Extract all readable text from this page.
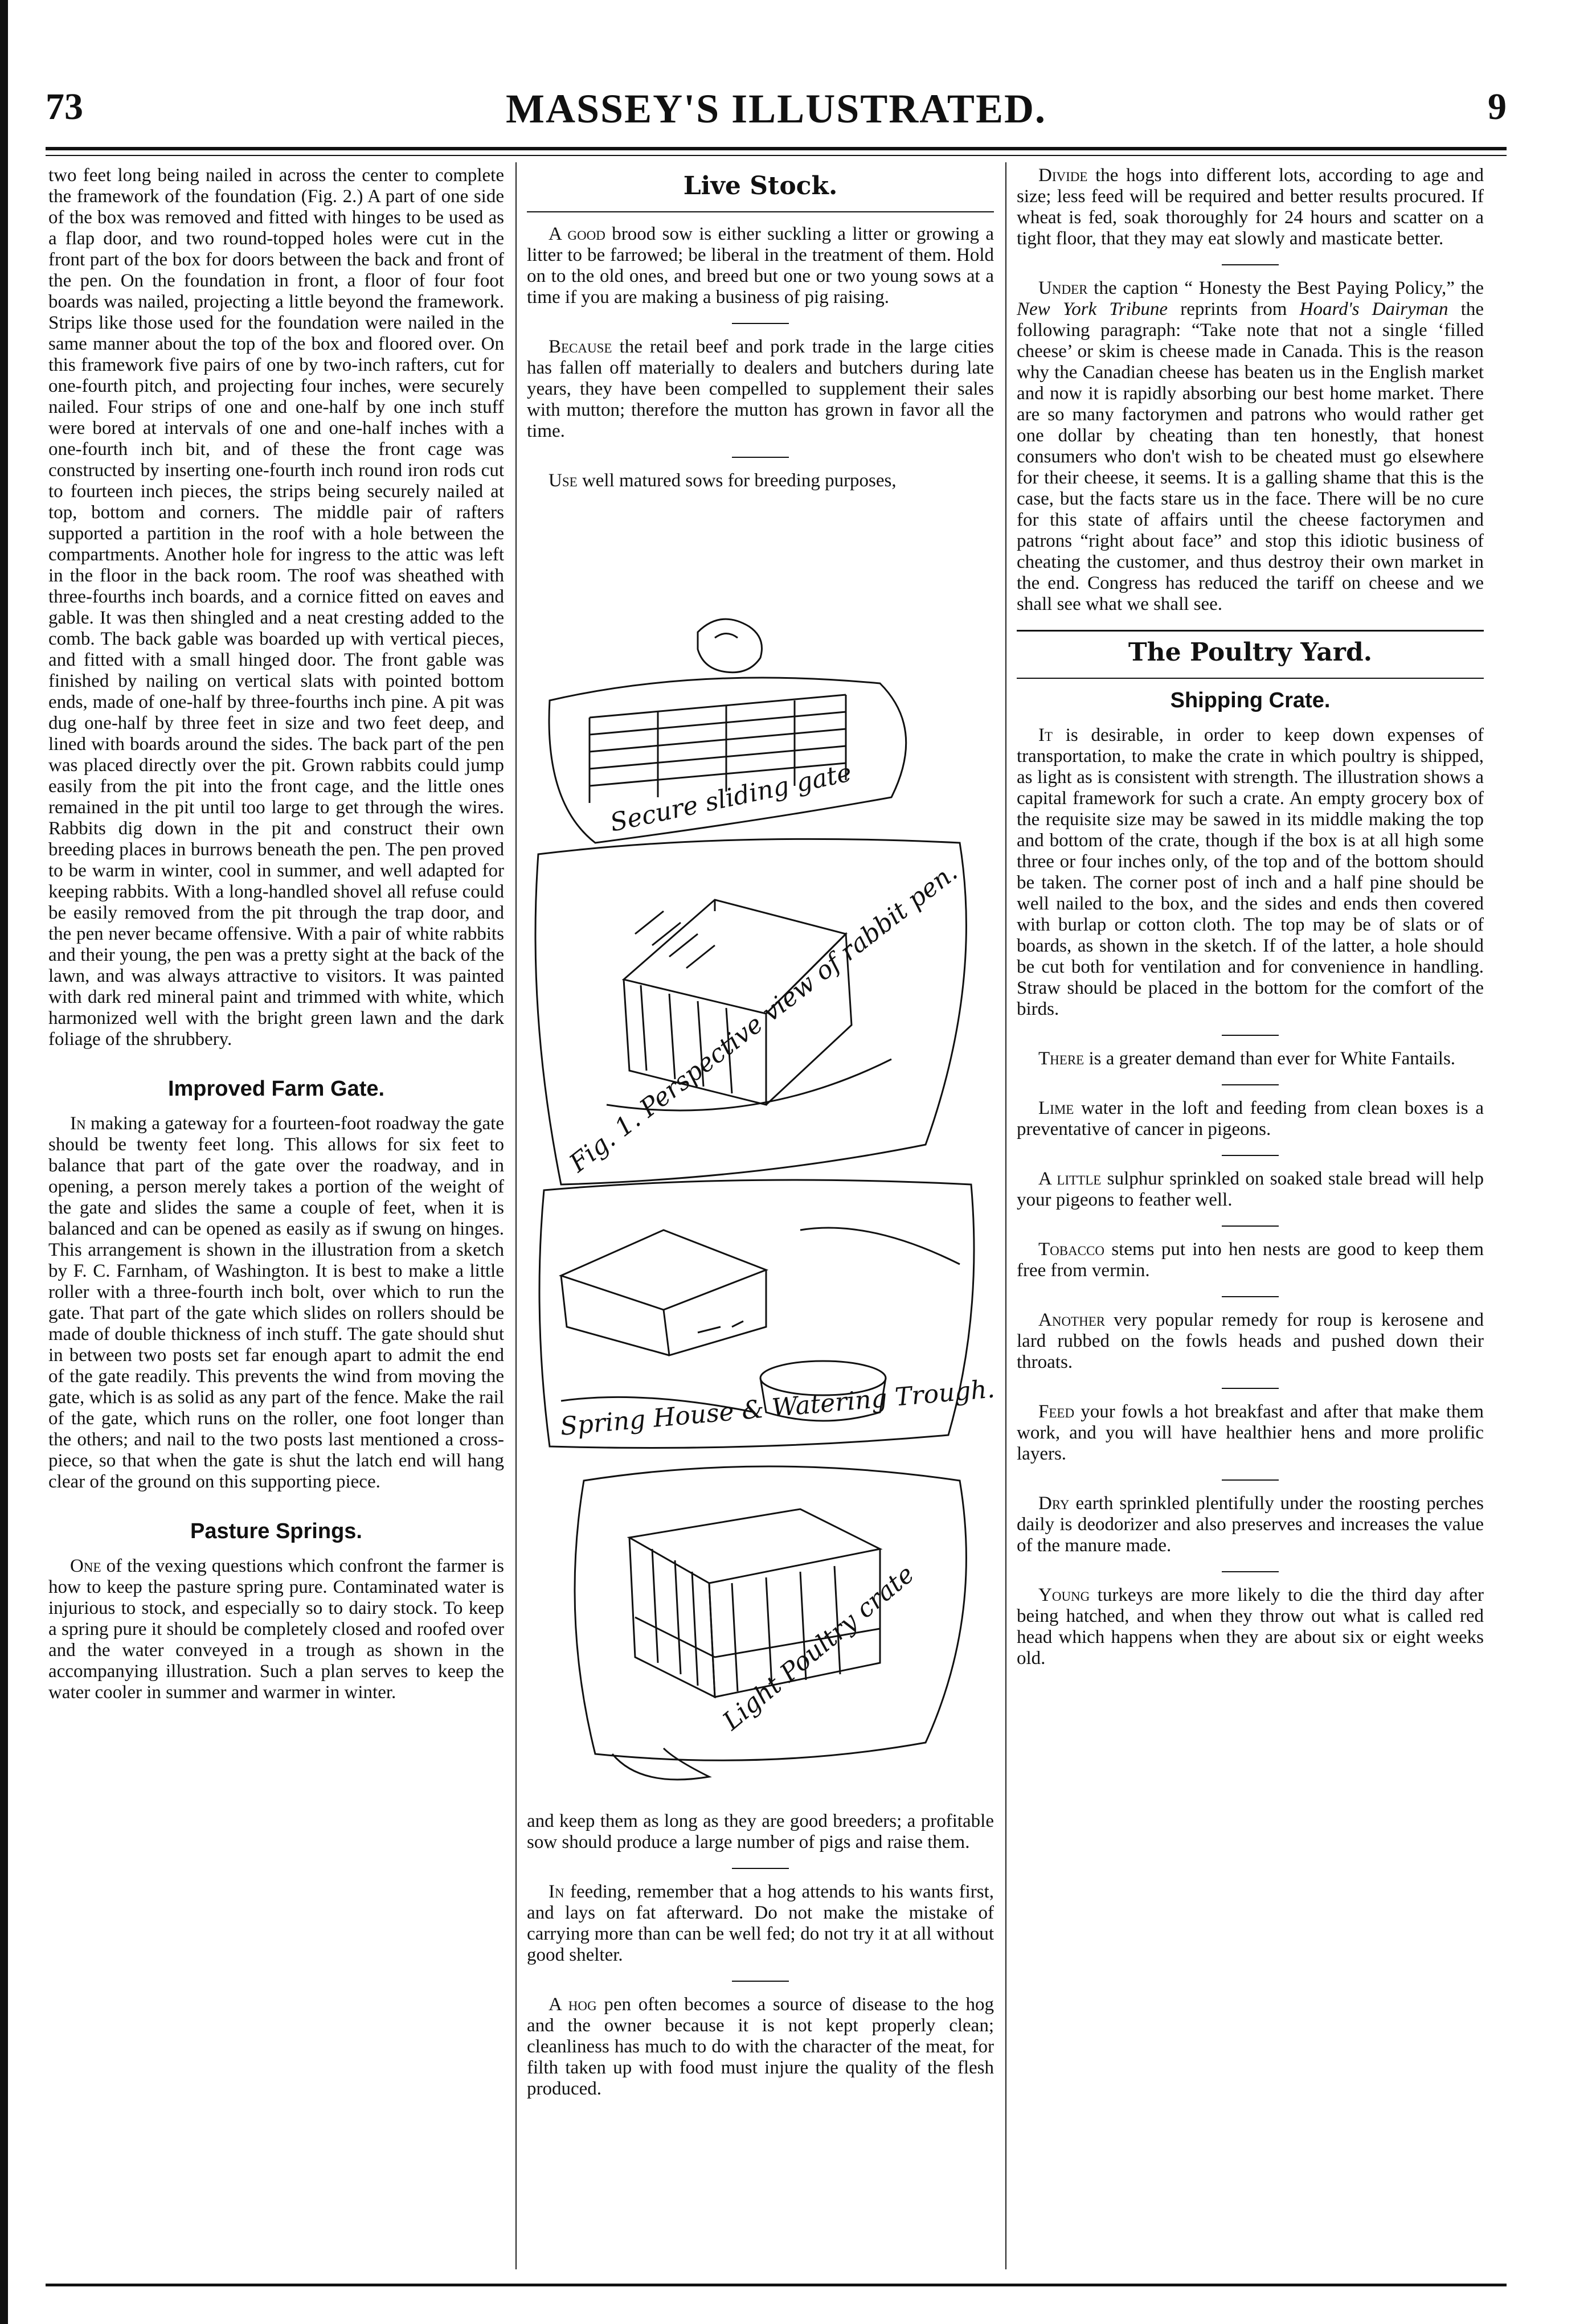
73	MASSEY'S ILLUSTRATED.	9

two feet long being nailed in across the center to complete the framework of the foundation (Fig. 2.) A part of one side of the box was removed and fitted with hinges to be used as a flap door, and two round-topped holes were cut in the front part of the box for doors between the back and front of the pen. On the foundation in front, a floor of four foot boards was nailed, projecting a little beyond the framework. Strips like those used for the foundation were nailed in the same manner about the top of the box and floored over. On this framework five pairs of one by two-inch rafters, cut for one-fourth pitch, and projecting four inches, were securely nailed. Four strips of one and one-half by one inch stuff were bored at intervals of one and one-half inches with a one-fourth inch bit, and of these the front cage was constructed by inserting one-fourth inch round iron rods cut to fourteen inch pieces, the strips being securely nailed at top, bottom and corners. The middle pair of rafters supported a partition in the roof with a hole between the compartments. Another hole for ingress to the attic was left in the floor in the back room. The roof was sheathed with three-fourths inch boards, and a cornice fitted on eaves and gable. It was then shingled and a neat cresting added to the comb. The back gable was boarded up with vertical pieces, and fitted with a small hinged door. The front gable was finished by nailing on vertical slats with pointed bottom ends, made of one-half by three-fourths inch pine. A pit was dug one-half by three feet in size and two feet deep, and lined with boards around the sides. The back part of the pen was placed directly over the pit. Grown rabbits could jump easily from the pit into the front cage, and the little ones remained in the pit until too large to get through the wires. Rabbits dig down in the pit and construct their own breeding places in burrows beneath the pen. The pen proved to be warm in winter, cool in summer, and well adapted for keeping rabbits. With a long-handled shovel all refuse could be easily removed from the pit through the trap door, and the pen never became offensive. With a pair of white rabbits and their young, the pen was a pretty sight at the back of the lawn, and was always attractive to visitors. It was painted with dark red mineral paint and trimmed with white, which harmonized well with the bright green lawn and the dark foliage of the shrubbery.

Improved Farm Gate.

In making a gateway for a fourteen-foot roadway the gate should be twenty feet long. This allows for six feet to balance that part of the gate over the roadway, and in opening, a person merely takes a portion of the weight of the gate and slides the same a couple of feet, when it is balanced and can be opened as easily as if swung on hinges. This arrangement is shown in the illustration from a sketch by F. C. Farnham, of Washington. It is best to make a little roller with a three-fourth inch bolt, over which to run the gate. That part of the gate which slides on rollers should be made of double thickness of inch stuff. The gate should shut in between two posts set far enough apart to admit the end of the gate readily. This prevents the wind from moving the gate, which is as solid as any part of the fence. Make the rail of the gate, which runs on the roller, one foot longer than the others; and nail to the two posts last mentioned a cross-piece, so that when the gate is shut the latch end will hang clear of the ground on this supporting piece.

Pasture Springs.

One of the vexing questions which confront the farmer is how to keep the pasture spring pure. Contaminated water is injurious to stock, and especially so to dairy stock. To keep a spring pure it should be completely closed and roofed over and the water conveyed in a trough as shown in the accompanying illustration. Such a plan serves to keep the water cooler in summer and warmer in winter.

Live Stock.

A good brood sow is either suckling a litter or growing a litter to be farrowed; be liberal in the treatment of them. Hold on to the old ones, and breed but one or two young sows at a time if you are making a business of pig raising.

Because the retail beef and pork trade in the large cities has fallen off materially to dealers and butchers during late years, they have been compelled to supplement their sales with mutton; therefore the mutton has grown in favor all the time.

Use well matured sows for breeding purposes,

Secure sliding gate
Fig. 1. Perspective view of rabbit pen.
Spring House & Watering Trough.
Light Poultry crate

and keep them as long as they are good breeders; a profitable sow should produce a large number of pigs and raise them.

In feeding, remember that a hog attends to his wants first, and lays on fat afterward. Do not make the mistake of carrying more than can be well fed; do not try it at all without good shelter.

A hog pen often becomes a source of disease to the hog and the owner because it is not kept properly clean; cleanliness has much to do with the character of the meat, for filth taken up with food must injure the quality of the flesh produced.

Divide the hogs into different lots, according to age and size; less feed will be required and better results procured. If wheat is fed, soak thoroughly for 24 hours and scatter on a tight floor, that they may eat slowly and masticate better.

Under the caption “ Honesty the Best Paying Policy,” the New York Tribune reprints from Hoard's Dairyman the following paragraph: “Take note that not a single ‘filled cheese’ or skim is cheese made in Canada. This is the reason why the Canadian cheese has beaten us in the English market and now it is rapidly absorbing our best home market. There are so many factorymen and patrons who would rather get one dollar by cheating than ten honestly, that honest consumers who don't wish to be cheated must go elsewhere for their cheese, it seems. It is a galling shame that this is the case, but the facts stare us in the face. There will be no cure for this state of affairs until the cheese factorymen and patrons “right about face” and stop this idiotic business of cheating the customer, and thus destroy their own market in the end. Congress has reduced the tariff on cheese and we shall see what we shall see.

The Poultry Yard.
Shipping Crate.

It is desirable, in order to keep down expenses of transportation, to make the crate in which poultry is shipped, as light as is consistent with strength. The illustration shows a capital framework for such a crate. An empty grocery box of the requisite size may be sawed in its middle making the top and bottom of the crate, though if the box is at all high some three or four inches only, of the top and of the bottom should be taken. The corner post of inch and a half pine should be well nailed to the box, and the sides and ends then covered with burlap or cotton cloth. The top may be of slats or of boards, as shown in the sketch. If of the latter, a hole should be cut both for ventilation and for convenience in handling. Straw should be placed in the bottom for the comfort of the birds.

There is a greater demand than ever for White Fantails.

Lime water in the loft and feeding from clean boxes is a preventative of cancer in pigeons.

A little sulphur sprinkled on soaked stale bread will help your pigeons to feather well.

Tobacco stems put into hen nests are good to keep them free from vermin.

Another very popular remedy for roup is kerosene and lard rubbed on the fowls heads and pushed down their throats.

Feed your fowls a hot breakfast and after that make them work, and you will have healthier hens and more prolific layers.

Dry earth sprinkled plentifully under the roosting perches daily is deodorizer and also preserves and increases the value of the manure made.

Young turkeys are more likely to die the third day after being hatched, and when they throw out what is called red head which happens when they are about six or eight weeks old.
